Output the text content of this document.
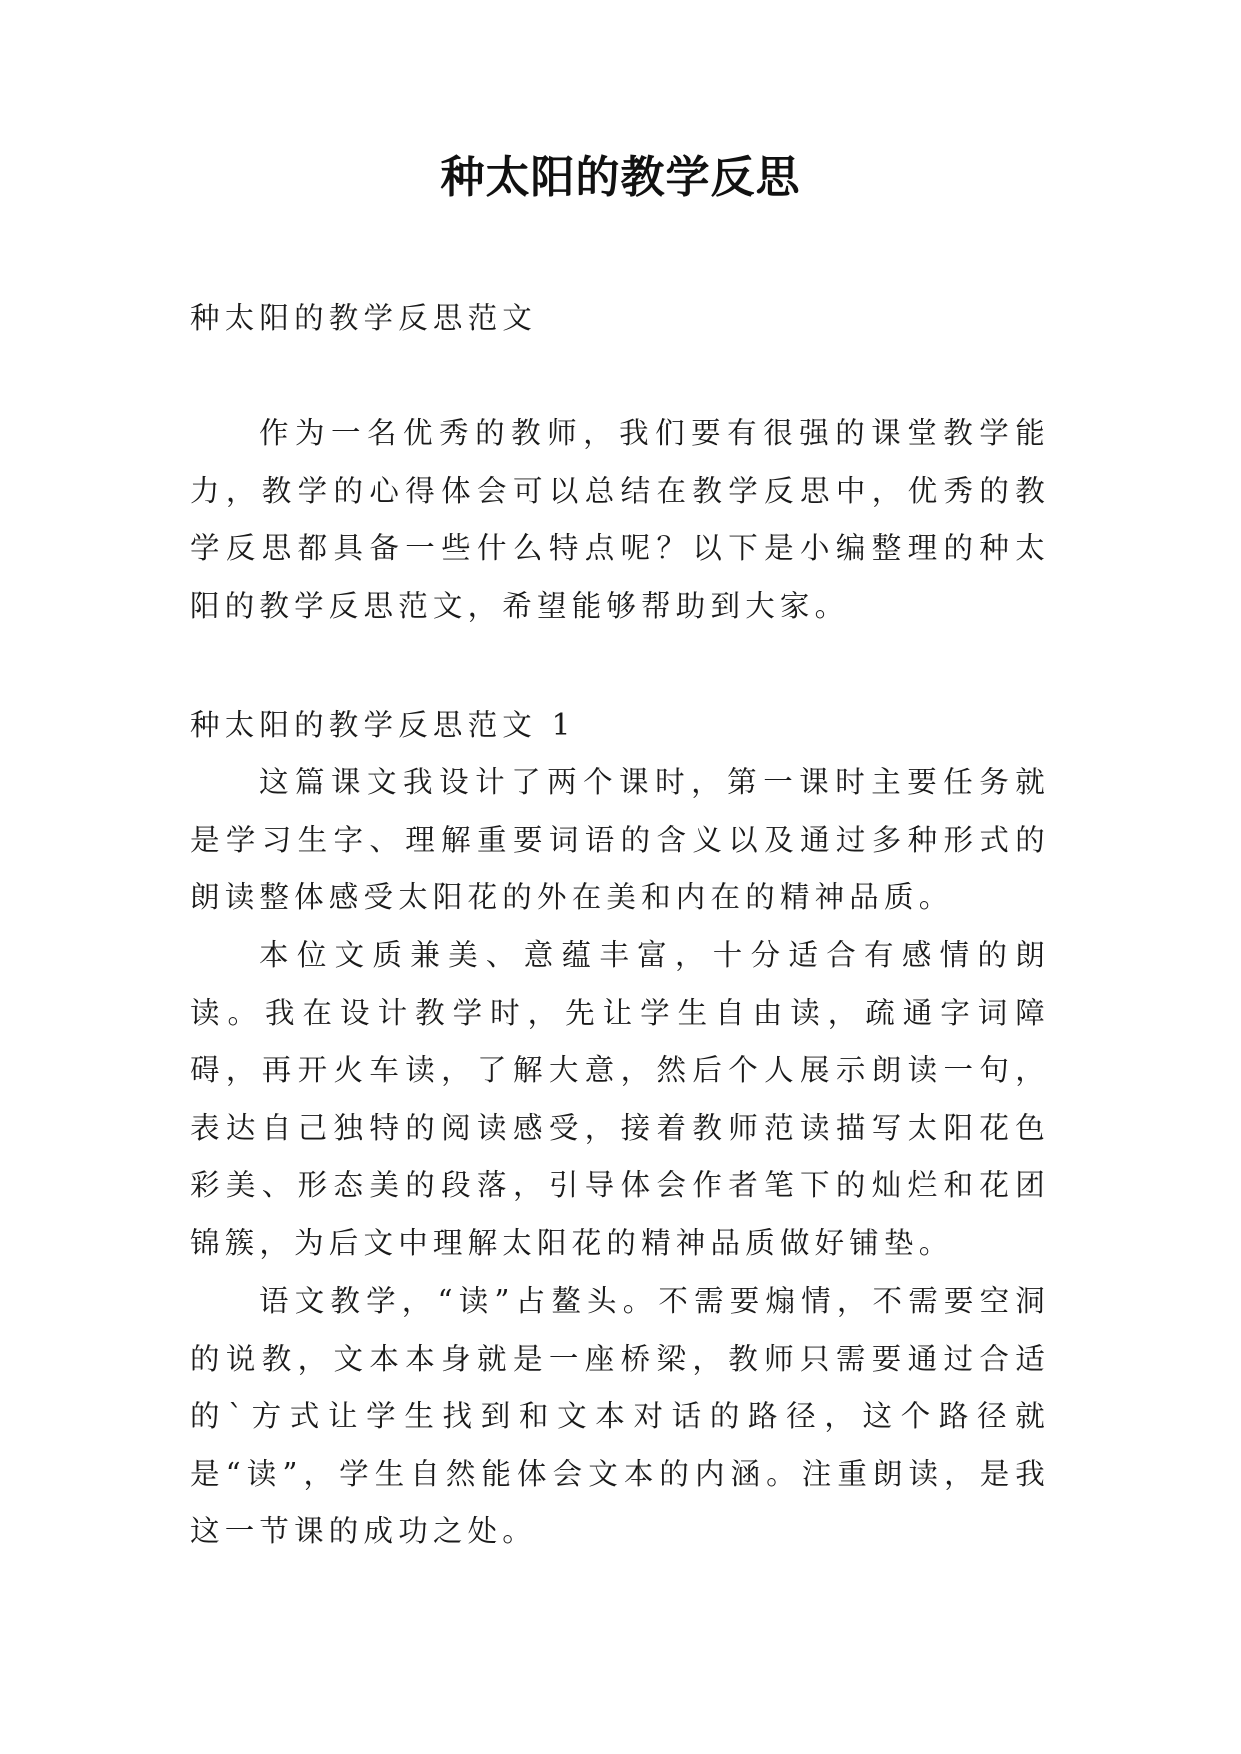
种太阳的教学反思

种太阳的教学反思范文

作为一名优秀的教师，我们要有很强的课堂教学能力，教学的心得体会可以总结在教学反思中，优秀的教学反思都具备一些什么特点呢？以下是小编整理的种太阳的教学反思范文，希望能够帮助到大家。

种太阳的教学反思范文 1

这篇课文我设计了两个课时，第一课时主要任务就是学习生字、理解重要词语的含义以及通过多种形式的朗读整体感受太阳花的外在美和内在的精神品质。

本位文质兼美、意蕴丰富，十分适合有感情的朗读。我在设计教学时，先让学生自由读，疏通字词障碍，再开火车读，了解大意，然后个人展示朗读一句，表达自己独特的阅读感受，接着教师范读描写太阳花色彩美、形态美的段落，引导体会作者笔下的灿烂和花团锦簇，为后文中理解太阳花的精神品质做好铺垫。

语文教学，“读”占鳌头。不需要煽情，不需要空洞的说教，文本本身就是一座桥梁，教师只需要通过合适的`方式让学生找到和文本对话的路径，这个路径就是“读”，学生自然能体会文本的内涵。注重朗读，是我这一节课的成功之处。
